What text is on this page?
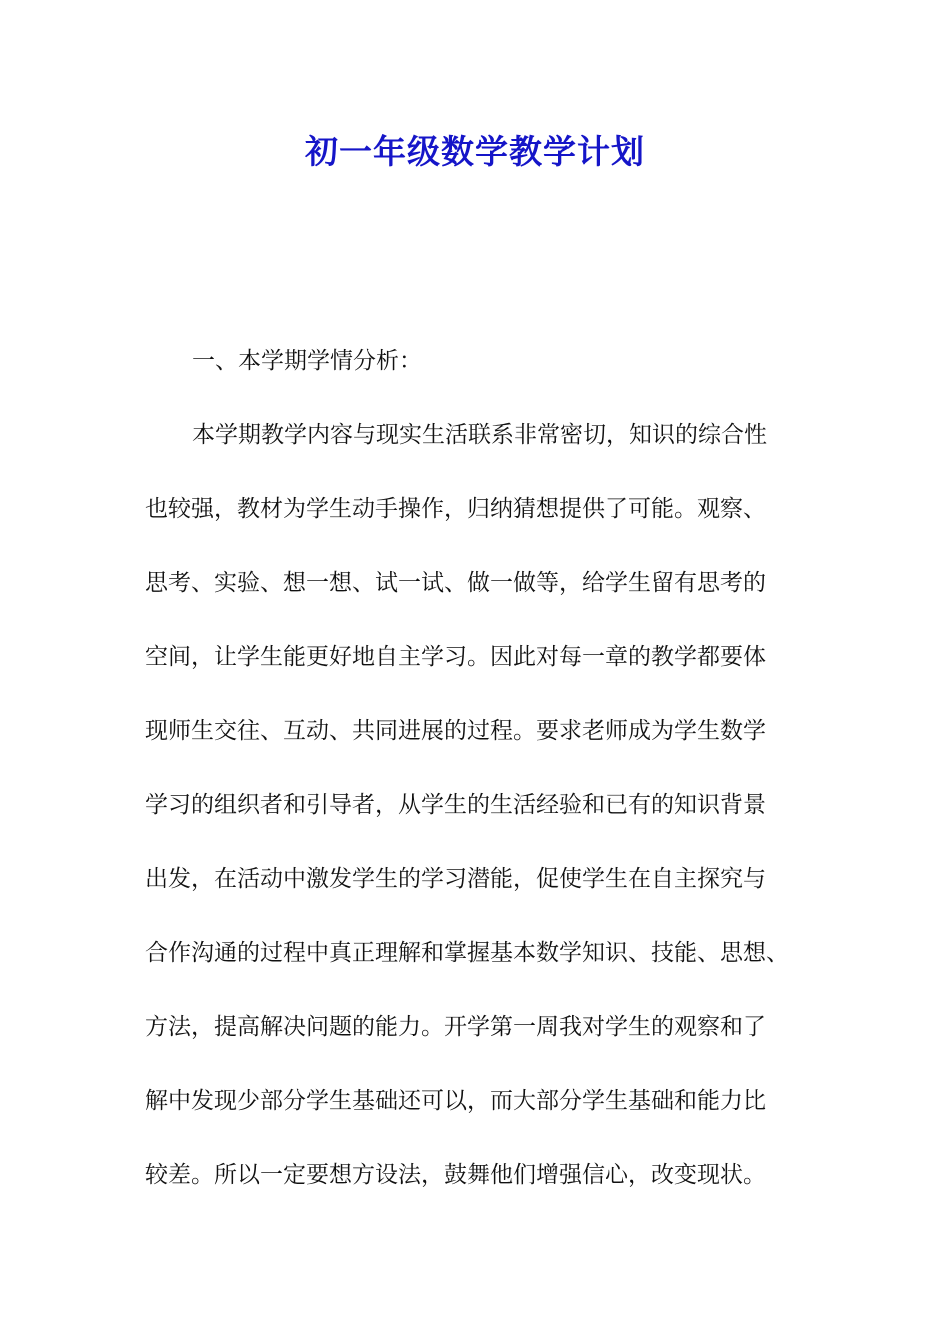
初一年级数学教学计划

一、本学期学情分析：

本学期教学内容与现实生活联系非常密切，知识的综合性
也较强，教材为学生动手操作，归纳猜想提供了可能。观察、
思考、实验、想一想、试一试、做一做等，给学生留有思考的
空间，让学生能更好地自主学习。因此对每一章的教学都要体
现师生交往、互动、共同进展的过程。要求老师成为学生数学
学习的组织者和引导者，从学生的生活经验和已有的知识背景
出发，在活动中激发学生的学习潜能，促使学生在自主探究与
合作沟通的过程中真正理解和掌握基本数学知识、技能、思想、
方法，提高解决问题的能力。开学第一周我对学生的观察和了
解中发现少部分学生基础还可以，而大部分学生基础和能力比
较差。所以一定要想方设法，鼓舞他们增强信心，改变现状。
